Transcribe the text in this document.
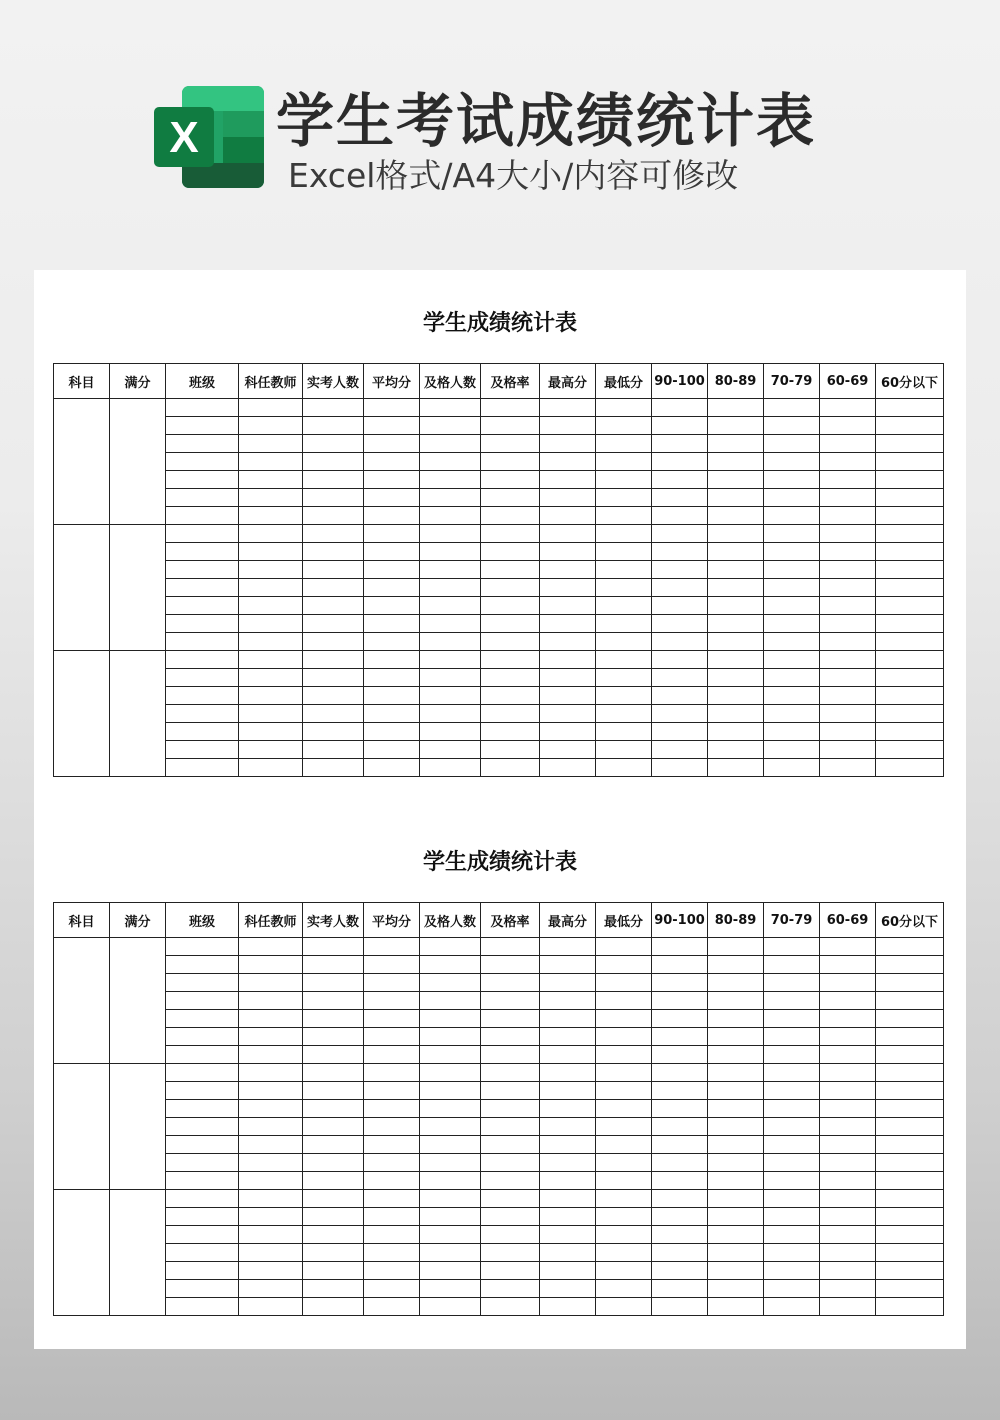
X 学生考试成绩统计表
Excel格式/A4大小/内容可修改
学生成绩统计表
科目	满分	班级	科任教师	实考人数	平均分	及格人数	及格率	最高分	最低分	90-100	80-89	70-79	60-69	60分以下

学生成绩统计表
科目	满分	班级	科任教师	实考人数	平均分	及格人数	及格率	最高分	最低分	90-100	80-89	70-79	60-69	60分以下
